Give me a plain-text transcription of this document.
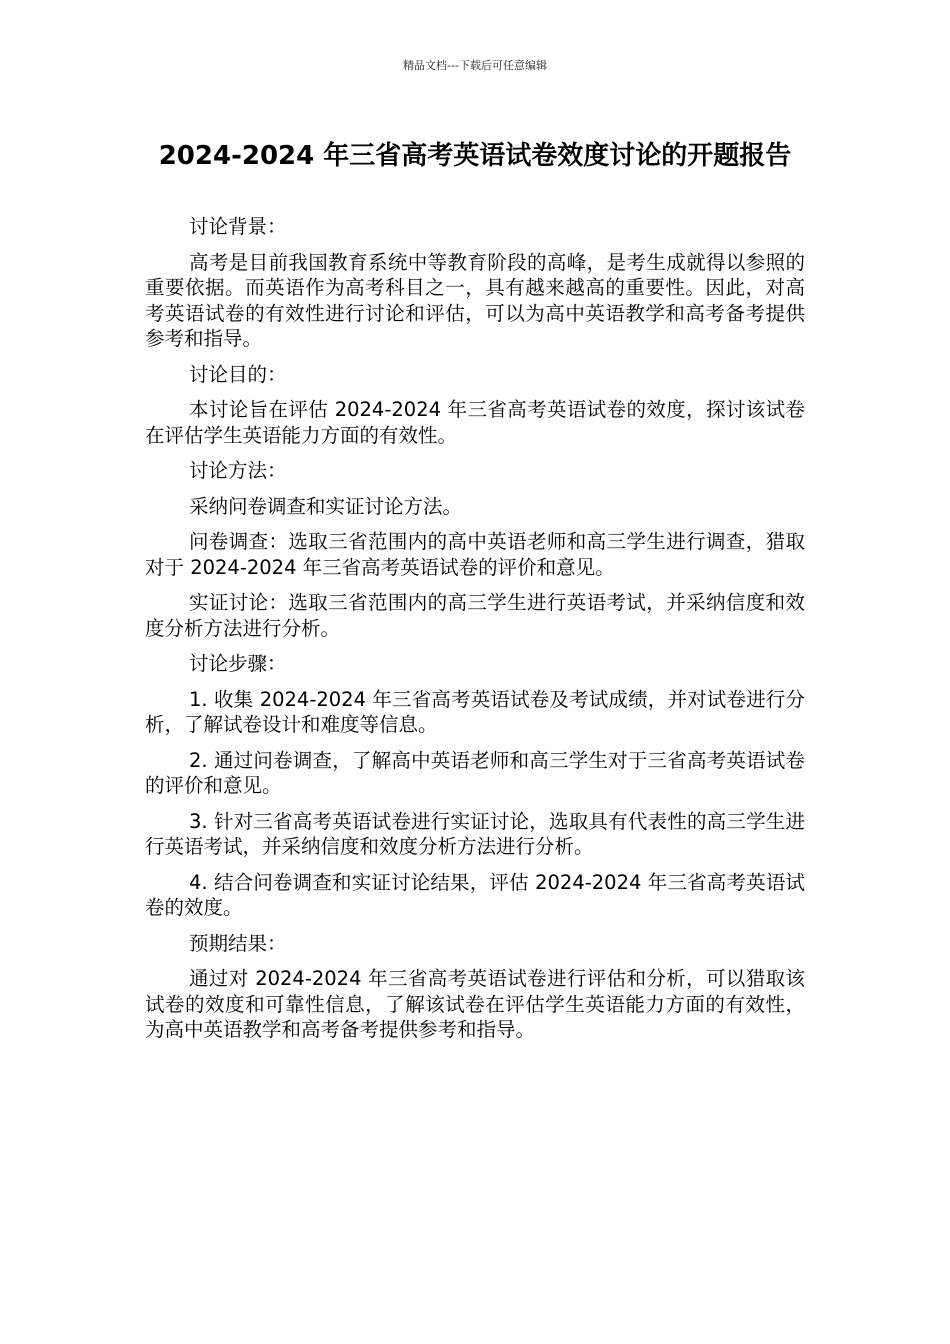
精品文档---下载后可任意编辑
2024-2024 年三省高考英语试卷效度讨论的开题报告

讨论背景：

高考是目前我国教育系统中等教育阶段的高峰，是考生成就得以参照的重要依据。而英语作为高考科目之一，具有越来越高的重要性。因此，对高考英语试卷的有效性进行讨论和评估，可以为高中英语教学和高考备考提供参考和指导。

讨论目的：

本讨论旨在评估 2024-2024 年三省高考英语试卷的效度，探讨该试卷在评估学生英语能力方面的有效性。

讨论方法：

采纳问卷调查和实证讨论方法。

问卷调查：选取三省范围内的高中英语老师和高三学生进行调查，猎取对于 2024-2024 年三省高考英语试卷的评价和意见。

实证讨论：选取三省范围内的高三学生进行英语考试，并采纳信度和效度分析方法进行分析。

讨论步骤：

1. 收集 2024-2024 年三省高考英语试卷及考试成绩，并对试卷进行分析，了解试卷设计和难度等信息。

2. 通过问卷调查，了解高中英语老师和高三学生对于三省高考英语试卷的评价和意见。

3. 针对三省高考英语试卷进行实证讨论，选取具有代表性的高三学生进行英语考试，并采纳信度和效度分析方法进行分析。

4. 结合问卷调查和实证讨论结果，评估 2024-2024 年三省高考英语试卷的效度。

预期结果：

通过对 2024-2024 年三省高考英语试卷进行评估和分析，可以猎取该试卷的效度和可靠性信息，了解该试卷在评估学生英语能力方面的有效性，为高中英语教学和高考备考提供参考和指导。
